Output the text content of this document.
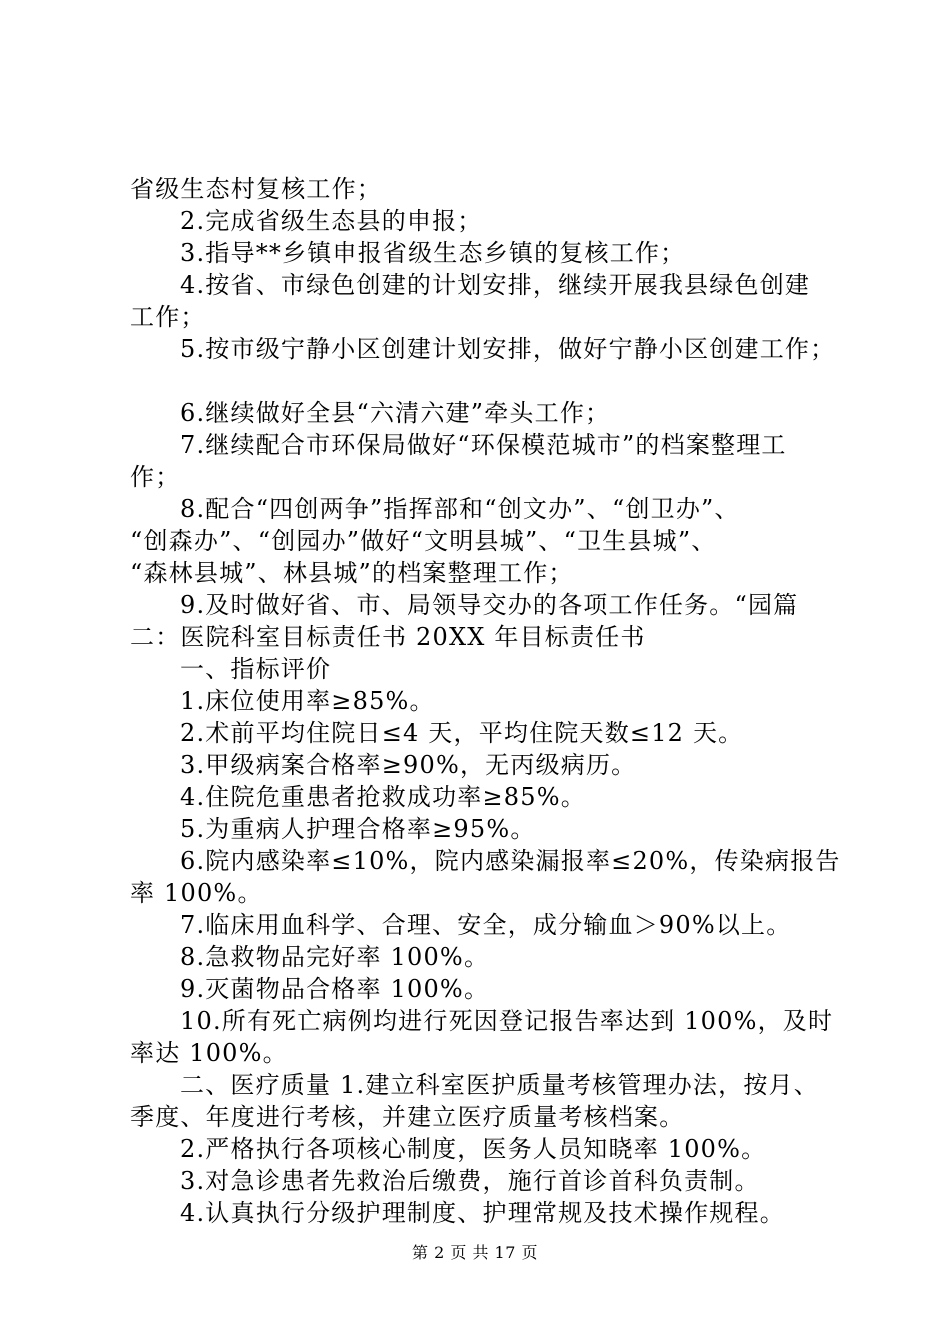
省级生态村复核工作；
2.完成省级生态县的申报；
3.指导**乡镇申报省级生态乡镇的复核工作；
4.按省、市绿色创建的计划安排，继续开展我县绿色创建
工作；
5.按市级宁静小区创建计划安排，做好宁静小区创建工作；
6.继续做好全县“六清六建”牵头工作；
7.继续配合市环保局做好“环保模范城市”的档案整理工
作；
8.配合“四创两争”指挥部和“创文办”、“创卫办”、
“创森办”、“创园办”做好“文明县城”、“卫生县城”、
“森林县城”、林县城”的档案整理工作；
9.及时做好省、市、局领导交办的各项工作任务。“园篇
二：医院科室目标责任书 20XX 年目标责任书
一、指标评价
1.床位使用率≥85%。
2.术前平均住院日≤4 天，平均住院天数≤12 天。
3.甲级病案合格率≥90%，无丙级病历。
4.住院危重患者抢救成功率≥85%。
5.为重病人护理合格率≥95%。
6.院内感染率≤10%，院内感染漏报率≤20%，传染病报告
率 100%。
7.临床用血科学、合理、安全，成分输血＞90%以上。
8.急救物品完好率 100%。
9.灭菌物品合格率 100%。
10.所有死亡病例均进行死因登记报告率达到 100%，及时
率达 100%。
二、医疗质量 1.建立科室医护质量考核管理办法，按月、
季度、年度进行考核，并建立医疗质量考核档案。
2.严格执行各项核心制度，医务人员知晓率 100%。
3.对急诊患者先救治后缴费，施行首诊首科负责制。
4.认真执行分级护理制度、护理常规及技术操作规程。
第 2 页 共 17 页
